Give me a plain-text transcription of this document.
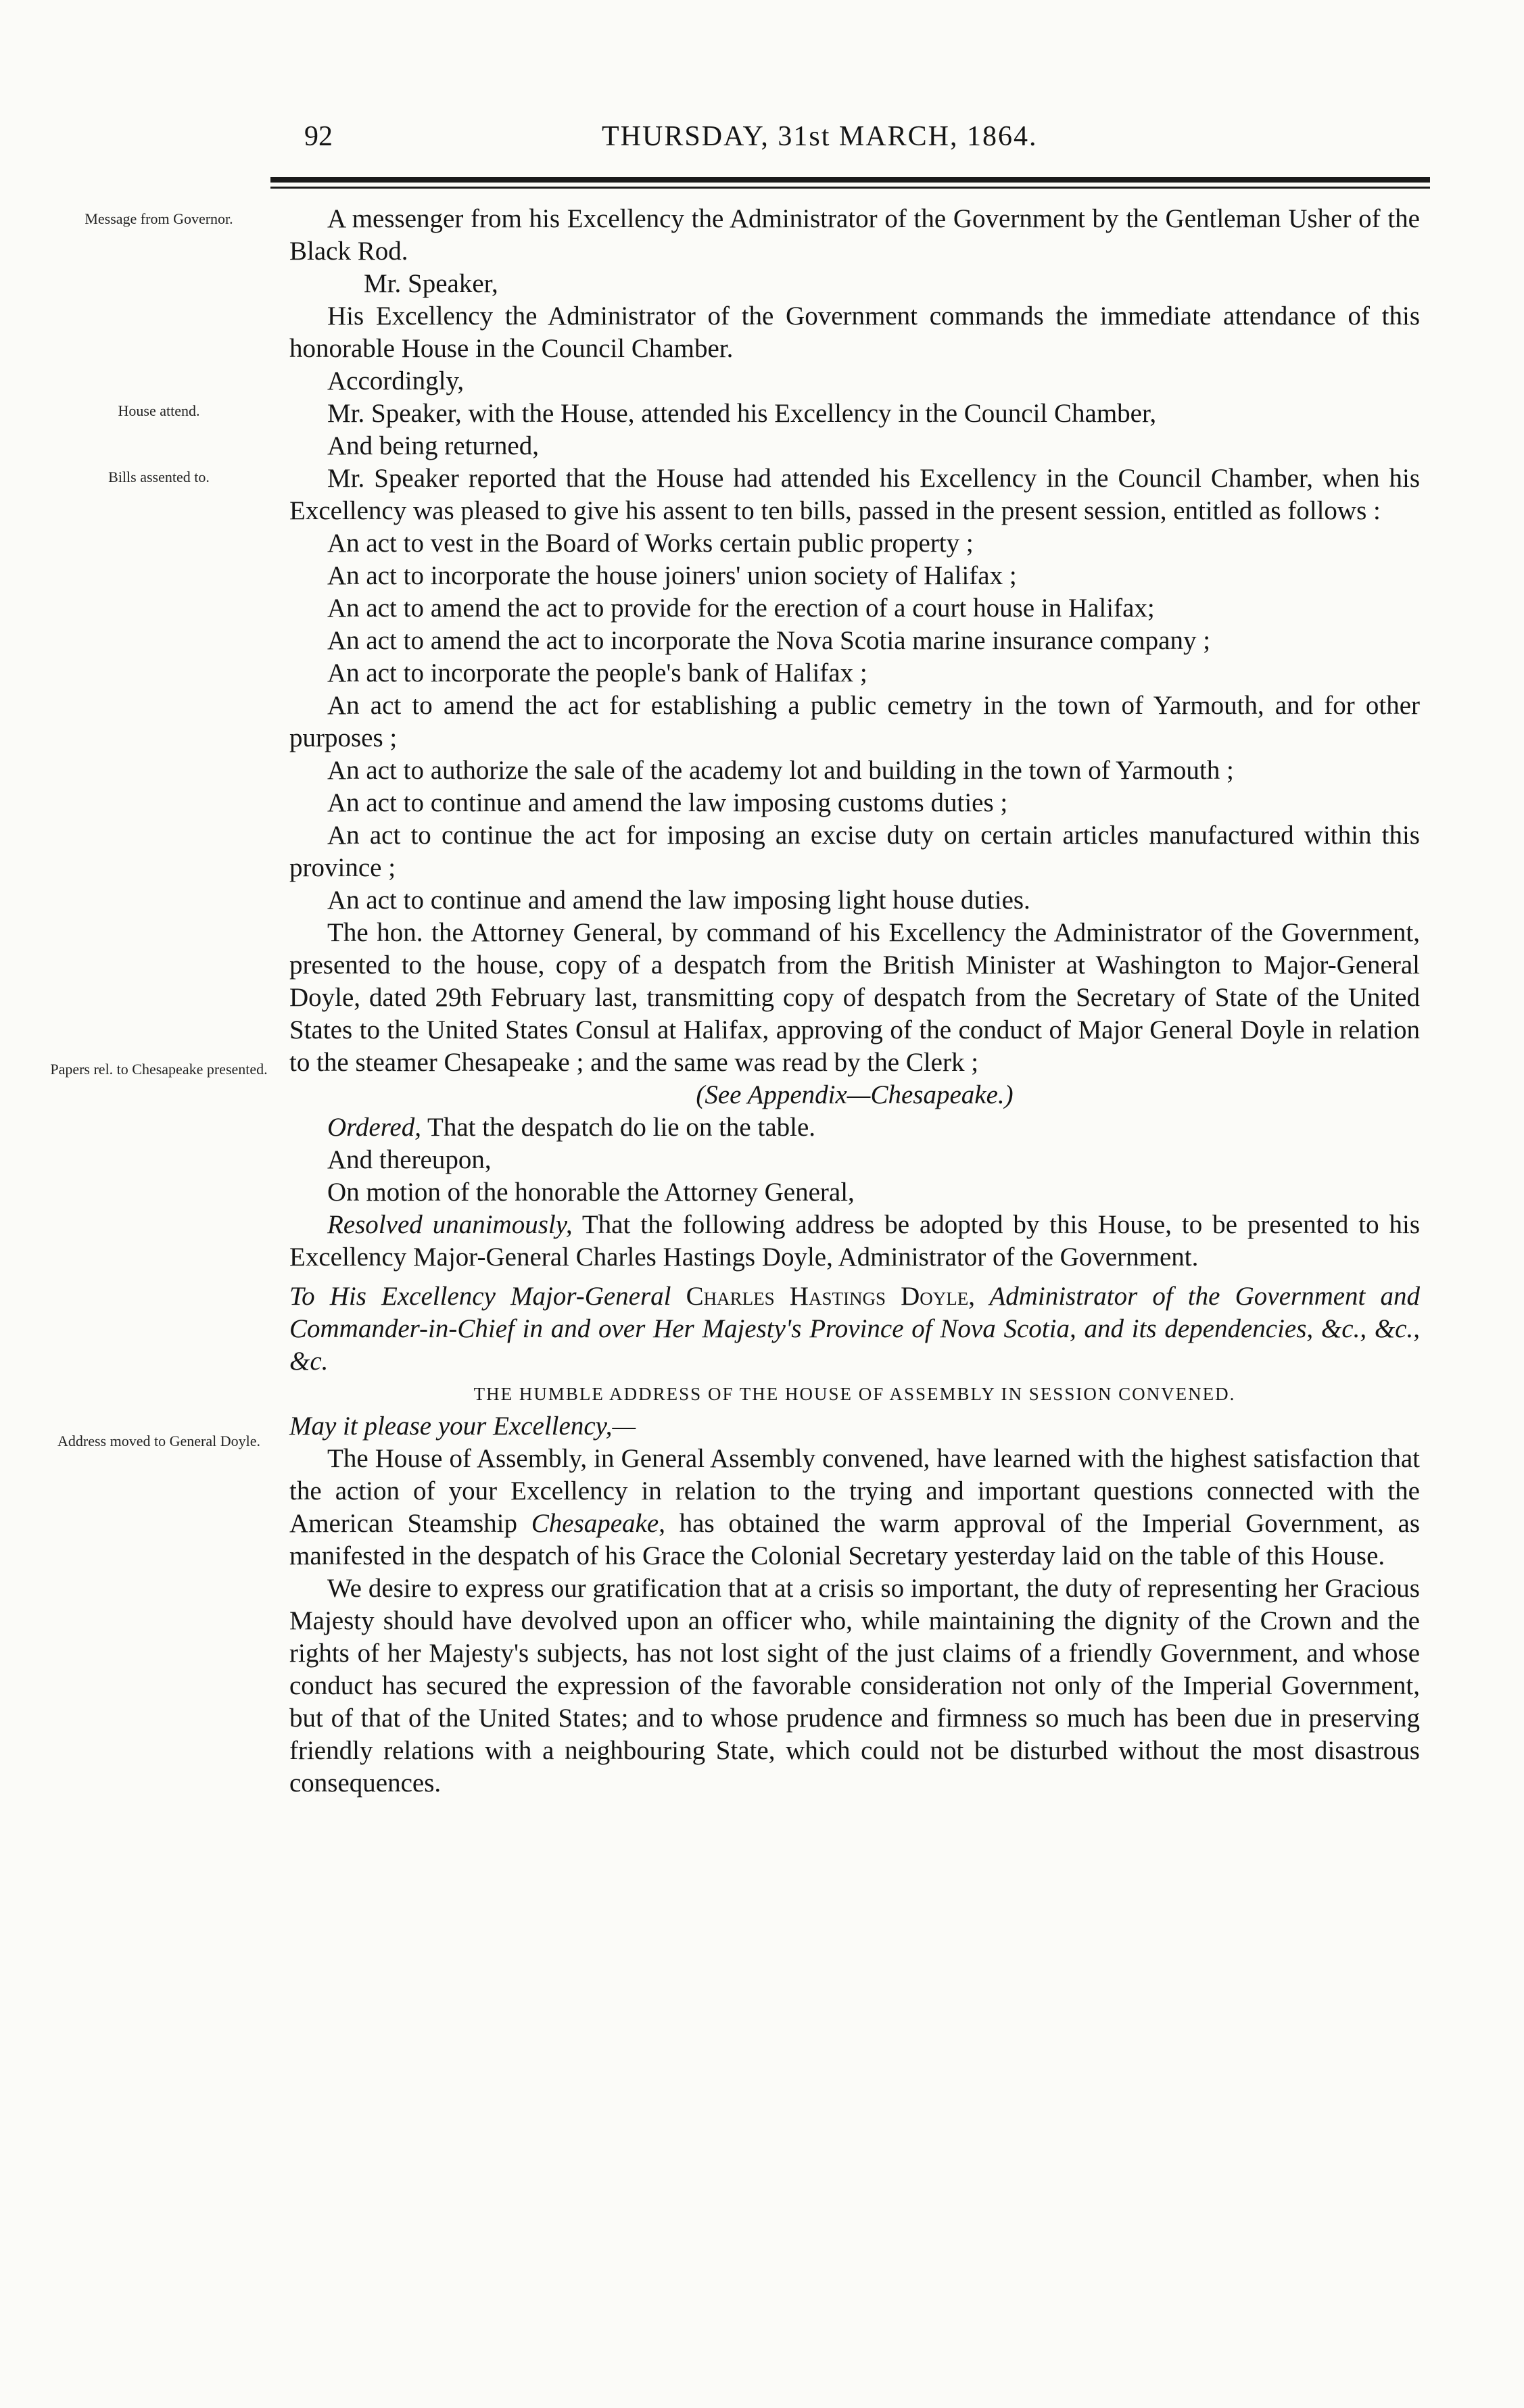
92	THURSDAY, 31st MARCH, 1864.
Message from Governor.
House attend.
Bills assented to.
Papers rel. to Chesapeake presented.
Address moved to General Doyle.

A messenger from his Excellency the Administrator of the Government by the Gentleman Usher of the Black Rod.

Mr. Speaker,

His Excellency the Administrator of the Government commands the immediate attendance of this honorable House in the Council Chamber.

Accordingly,

Mr. Speaker, with the House, attended his Excellency in the Council Chamber,

And being returned,

Mr. Speaker reported that the House had attended his Excellency in the Council Chamber, when his Excellency was pleased to give his assent to ten bills, passed in the present session, entitled as follows :

An act to vest in the Board of Works certain public property ;

An act to incorporate the house joiners' union society of Halifax ;

An act to amend the act to provide for the erection of a court house in Halifax;

An act to amend the act to incorporate the Nova Scotia marine insurance company ;

An act to incorporate the people's bank of Halifax ;

An act to amend the act for establishing a public cemetry in the town of Yarmouth, and for other purposes ;

An act to authorize the sale of the academy lot and building in the town of Yarmouth ;

An act to continue and amend the law imposing customs duties ;

An act to continue the act for imposing an excise duty on certain articles manufactured within this province ;

An act to continue and amend the law imposing light house duties.

The hon. the Attorney General, by command of his Excellency the Administrator of the Government, presented to the house, copy of a despatch from the British Minister at Washington to Major-General Doyle, dated 29th February last, transmitting copy of despatch from the Secretary of State of the United States to the United States Consul at Halifax, approving of the conduct of Major General Doyle in relation to the steamer Chesapeake ; and the same was read by the Clerk ;

(See Appendix—Chesapeake.)

Ordered, That the despatch do lie on the table.

And thereupon,

On motion of the honorable the Attorney General,

Resolved unanimously, That the following address be adopted by this House, to be presented to his Excellency Major-General Charles Hastings Doyle, Administrator of the Government.

To His Excellency Major-General Charles Hastings Doyle, Administrator of the Government and Commander-in-Chief in and over Her Majesty's Province of Nova Scotia, and its dependencies, &c., &c., &c.

THE HUMBLE ADDRESS OF THE HOUSE OF ASSEMBLY IN SESSION CONVENED.

May it please your Excellency,—

The House of Assembly, in General Assembly convened, have learned with the highest satisfaction that the action of your Excellency in relation to the trying and important questions connected with the American Steamship Chesapeake, has obtained the warm approval of the Imperial Government, as manifested in the despatch of his Grace the Colonial Secretary yesterday laid on the table of this House.

We desire to express our gratification that at a crisis so important, the duty of representing her Gracious Majesty should have devolved upon an officer who, while maintaining the dignity of the Crown and the rights of her Majesty's subjects, has not lost sight of the just claims of a friendly Government, and whose conduct has secured the expression of the favorable consideration not only of the Imperial Government, but of that of the United States; and to whose prudence and firmness so much has been due in preserving friendly relations with a neighbouring State, which could not be disturbed without the most disastrous consequences.
